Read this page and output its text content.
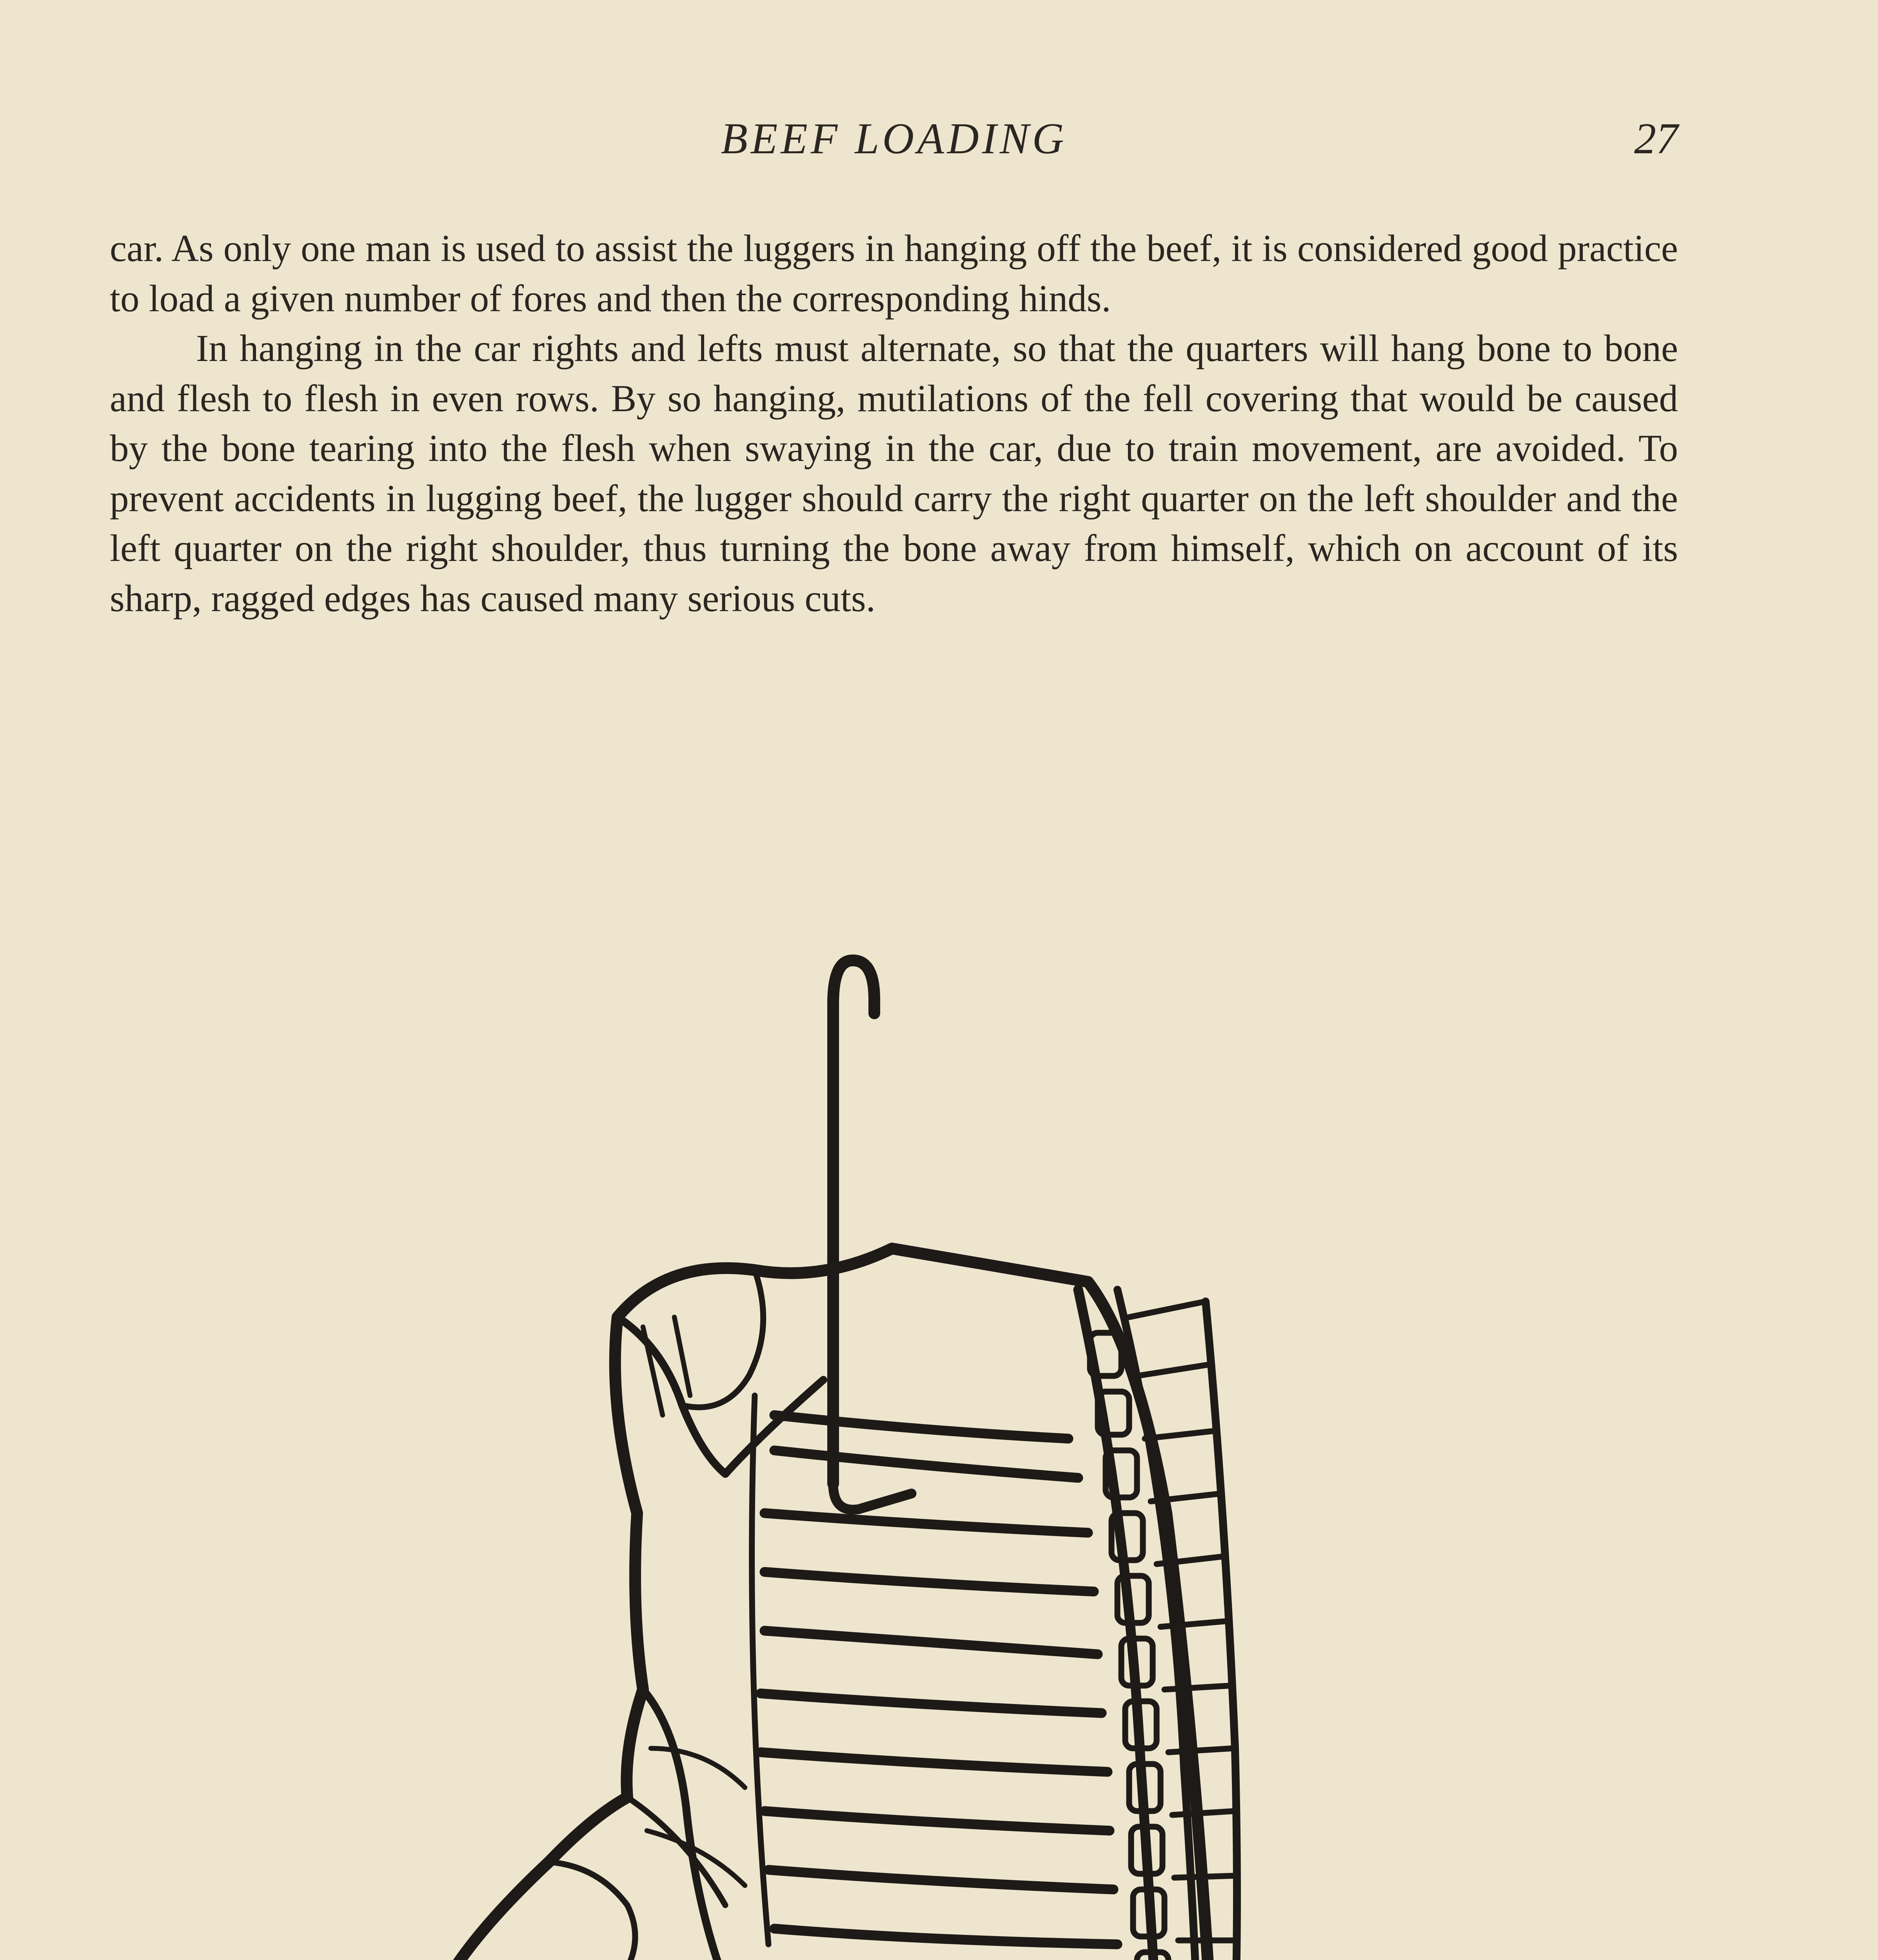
BEEF LOADING	27

car. As only one man is used to assist the luggers in hanging off the beef, it is considered good practice to load a given number of fores and then the corresponding hinds.

In hanging in the car rights and lefts must alternate, so that the quarters will hang bone to bone and flesh to flesh in even rows. By so hanging, mutilations of the fell covering that would be caused by the bone tearing into the flesh when swaying in the car, due to train movement, are avoided. To prevent accidents in lugging beef, the lugger should carry the right quarter on the left shoulder and the left quarter on the right shoulder, thus turning the bone away from himself, which on account of its sharp, ragged edges has caused many serious cuts.
